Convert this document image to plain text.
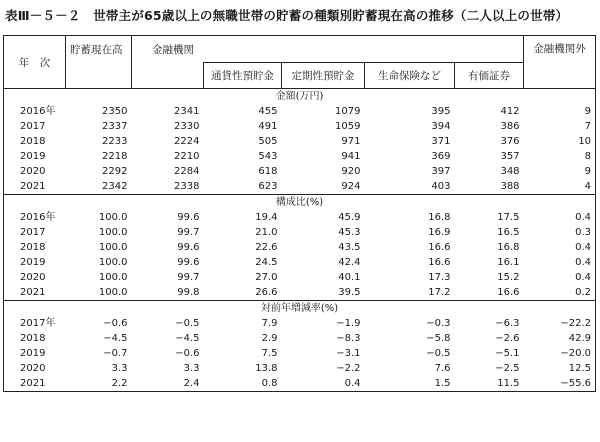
表Ⅲ－５－２　世帯主が65歳以上の無職世帯の貯蓄の種類別貯蓄現在高の推移（二人以上の世帯）
年　次	貯蓄現在高	金融機関					
			通貨性預貯金	定期性預貯金	生命保険など	有価証券	金融機関外
金額(万円)							
2016年	2350	2341	455	1079	395	412	9
2017	2337	2330	491	1059	394	386	7
2018	2233	2224	505	971	371	376	10
2019	2218	2210	543	941	369	357	8
2020	2292	2284	618	920	397	348	9
2021	2342	2338	623	924	403	388	4
構成比(%)							
2016年	100.0	99.6	19.4	45.9	16.8	17.5	0.4
2017	100.0	99.7	21.0	45.3	16.9	16.5	0.3
2018	100.0	99.6	22.6	43.5	16.6	16.8	0.4
2019	100.0	99.6	24.5	42.4	16.6	16.1	0.4
2020	100.0	99.7	27.0	40.1	17.3	15.2	0.4
2021	100.0	99.8	26.6	39.5	17.2	16.6	0.2
対前年増減率(%)							
2017年	−0.6	−0.5	7.9	−1.9	−0.3	−6.3	−22.2
2018	−4.5	−4.5	2.9	−8.3	−5.8	−2.6	42.9
2019	−0.7	−0.6	7.5	−3.1	−0.5	−5.1	−20.0
2020	3.3	3.3	13.8	−2.2	7.6	−2.5	12.5
2021	2.2	2.4	0.8	0.4	1.5	11.5	−55.6
